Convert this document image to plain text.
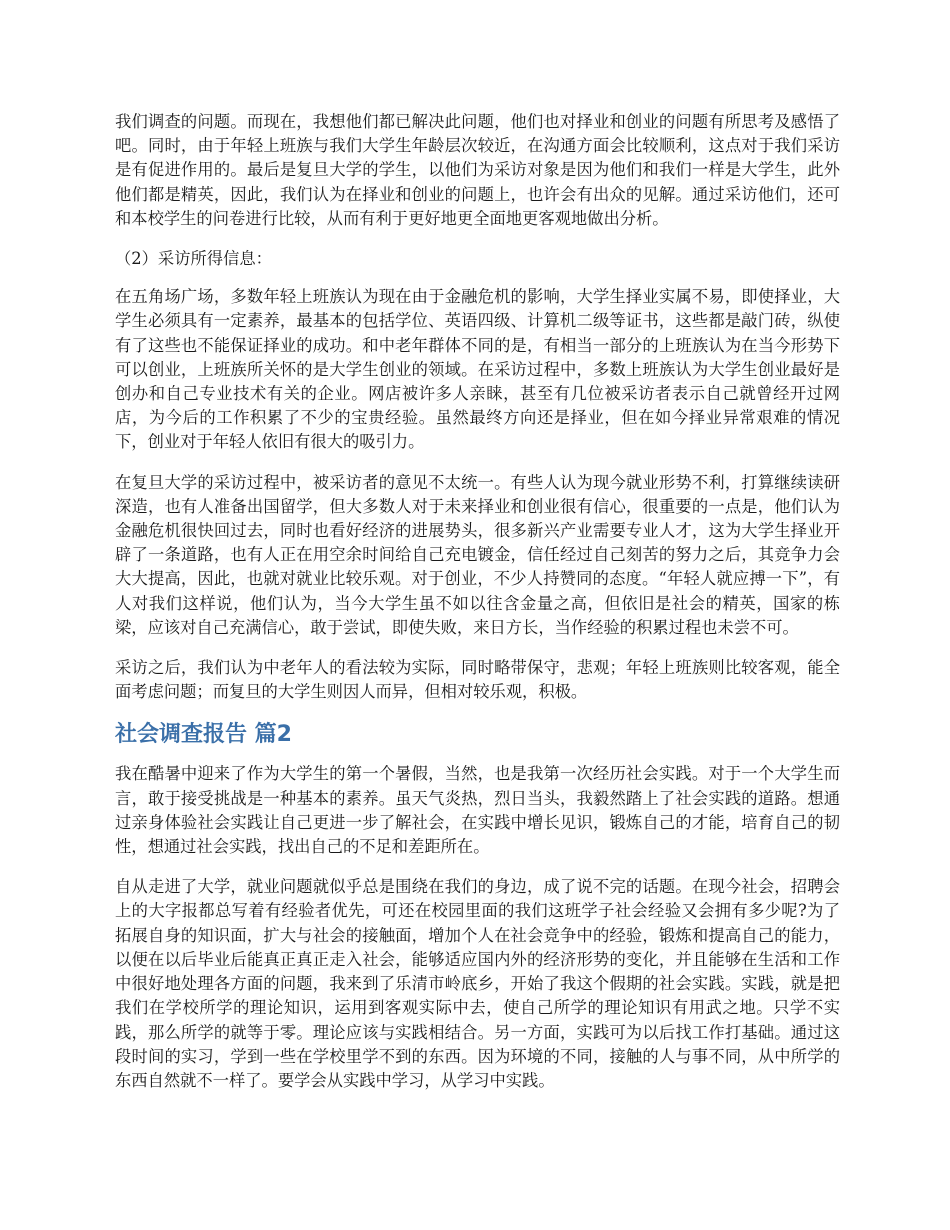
我们调查的问题。而现在，我想他们都已解决此问题，他们也对择业和创业的问题有所思考及感悟了吧。同时，由于年轻上班族与我们大学生年龄层次较近，在沟通方面会比较顺利，这点对于我们采访是有促进作用的。最后是复旦大学的学生，以他们为采访对象是因为他们和我们一样是大学生，此外他们都是精英，因此，我们认为在择业和创业的问题上，也许会有出众的见解。通过采访他们，还可和本校学生的问卷进行比较，从而有利于更好地更全面地更客观地做出分析。

（2）采访所得信息：

在五角场广场，多数年轻上班族认为现在由于金融危机的影响，大学生择业实属不易，即使择业，大学生必须具有一定素养，最基本的包括学位、英语四级、计算机二级等证书，这些都是敲门砖，纵使有了这些也不能保证择业的成功。和中老年群体不同的是，有相当一部分的上班族认为在当今形势下可以创业，上班族所关怀的是大学生创业的领域。在采访过程中，多数上班族认为大学生创业最好是创办和自己专业技术有关的企业。网店被许多人亲睐，甚至有几位被采访者表示自己就曾经开过网店，为今后的工作积累了不少的宝贵经验。虽然最终方向还是择业，但在如今择业异常艰难的情况下，创业对于年轻人依旧有很大的吸引力。

在复旦大学的采访过程中，被采访者的意见不太统一。有些人认为现今就业形势不利，打算继续读研深造，也有人准备出国留学，但大多数人对于未来择业和创业很有信心，很重要的一点是，他们认为金融危机很快回过去，同时也看好经济的进展势头，很多新兴产业需要专业人才，这为大学生择业开辟了一条道路，也有人正在用空余时间给自己充电镀金，信任经过自己刻苦的努力之后，其竞争力会大大提高，因此，也就对就业比较乐观。对于创业，不少人持赞同的态度。“年轻人就应搏一下”，有人对我们这样说，他们认为，当今大学生虽不如以往含金量之高，但依旧是社会的精英，国家的栋梁，应该对自己充满信心，敢于尝试，即使失败，来日方长，当作经验的积累过程也未尝不可。

采访之后，我们认为中老年人的看法较为实际，同时略带保守，悲观；年轻上班族则比较客观，能全面考虑问题；而复旦的大学生则因人而异，但相对较乐观，积极。

社会调查报告 篇2

我在酷暑中迎来了作为大学生的第一个暑假，当然，也是我第一次经历社会实践。对于一个大学生而言，敢于接受挑战是一种基本的素养。虽天气炎热，烈日当头，我毅然踏上了社会实践的道路。想通过亲身体验社会实践让自己更进一步了解社会，在实践中增长见识，锻炼自己的才能，培育自己的韧性，想通过社会实践，找出自己的不足和差距所在。

自从走进了大学，就业问题就似乎总是围绕在我们的身边，成了说不完的话题。在现今社会，招聘会上的大字报都总写着有经验者优先，可还在校园里面的我们这班学子社会经验又会拥有多少呢?为了拓展自身的知识面，扩大与社会的接触面，增加个人在社会竞争中的经验，锻炼和提高自己的能力，以便在以后毕业后能真正真正走入社会，能够适应国内外的经济形势的变化，并且能够在生活和工作中很好地处理各方面的问题，我来到了乐清市岭底乡，开始了我这个假期的社会实践。实践，就是把我们在学校所学的理论知识，运用到客观实际中去，使自己所学的理论知识有用武之地。只学不实践，那么所学的就等于零。理论应该与实践相结合。另一方面，实践可为以后找工作打基础。通过这段时间的实习，学到一些在学校里学不到的东西。因为环境的不同，接触的人与事不同，从中所学的东西自然就不一样了。要学会从实践中学习，从学习中实践。
